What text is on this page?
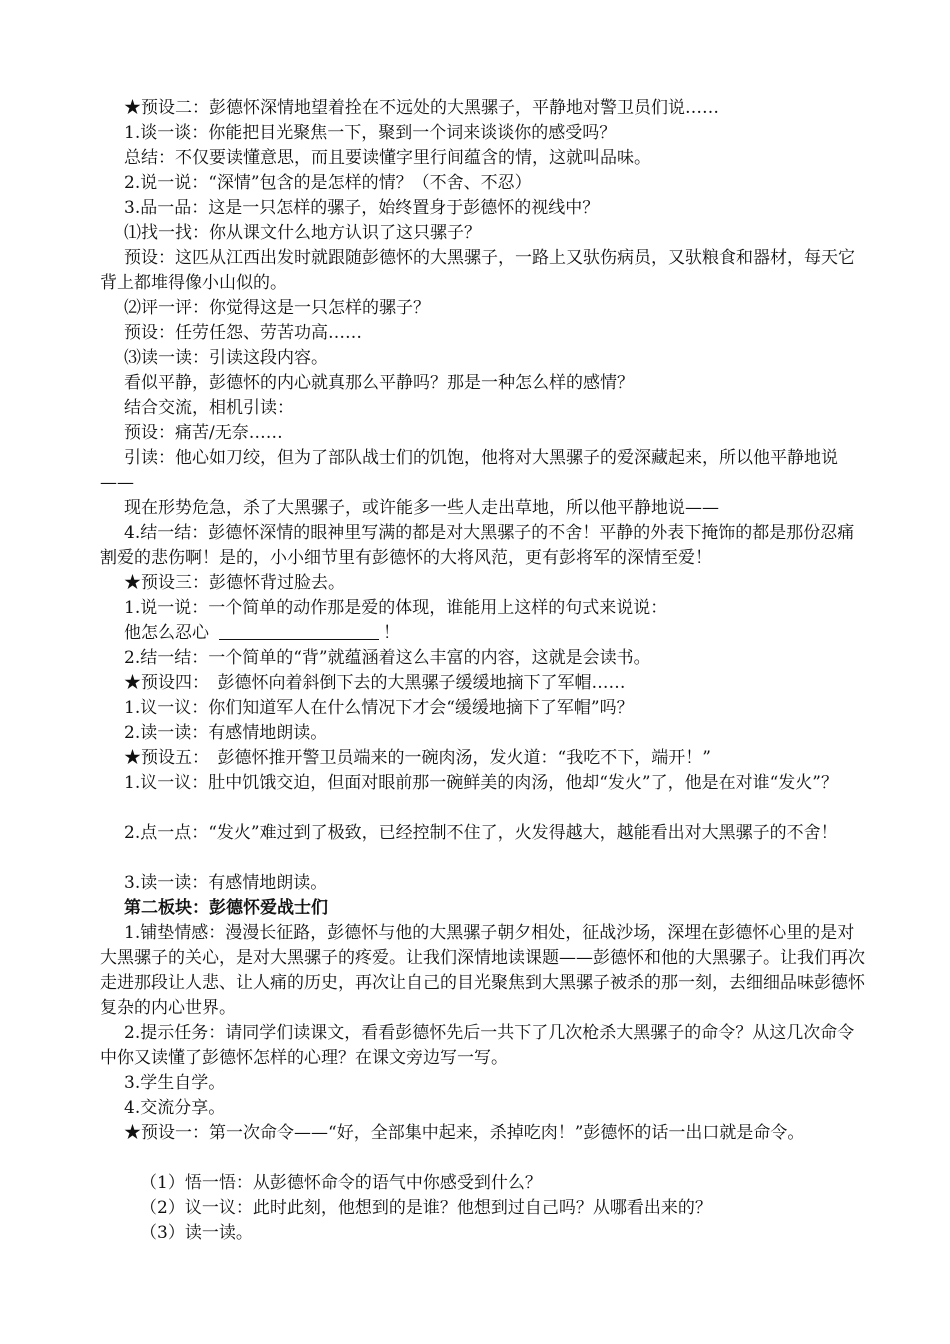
★预设二：彭德怀深情地望着拴在不远处的大黑骡子，平静地对警卫员们说……
1.谈一谈：你能把目光聚焦一下，聚到一个词来谈谈你的感受吗？
总结：不仅要读懂意思，而且要读懂字里行间蕴含的情，这就叫品味。
2.说一说：“深情”包含的是怎样的情？（不舍、不忍）
3.品一品：这是一只怎样的骡子，始终置身于彭德怀的视线中？
⑴找一找：你从课文什么地方认识了这只骡子？
预设：这匹从江西出发时就跟随彭德怀的大黑骡子，一路上又驮伤病员，又驮粮食和器材，每天它背上都堆得像小山似的。
⑵评一评：你觉得这是一只怎样的骡子？
预设：任劳任怨、劳苦功高……
⑶读一读：引读这段内容。
看似平静，彭德怀的内心就真那么平静吗？那是一种怎么样的感情？
结合交流，相机引读：
预设：痛苦/无奈……
引读：他心如刀绞，但为了部队战士们的饥饱，他将对大黑骡子的爱深藏起来，所以他平静地说——
现在形势危急，杀了大黑骡子，或许能多一些人走出草地，所以他平静地说——
4.结一结：彭德怀深情的眼神里写满的都是对大黑骡子的不舍！平静的外表下掩饰的都是那份忍痛割爱的悲伤啊！是的，小小细节里有彭德怀的大将风范，更有彭将军的深情至爱！
★预设三：彭德怀背过脸去。
1.说一说：一个简单的动作那是爱的体现，谁能用上这样的句式来说说：
他怎么忍心	！
2.结一结：一个简单的“背”就蕴涵着这么丰富的内容，这就是会读书。
★预设四：　彭德怀向着斜倒下去的大黑骡子缓缓地摘下了军帽……
1.议一议：你们知道军人在什么情况下才会“缓缓地摘下了军帽”吗？
2.读一读：有感情地朗读。
★预设五：　彭德怀推开警卫员端来的一碗肉汤，发火道：“我吃不下，端开！”
1.议一议：肚中饥饿交迫，但面对眼前那一碗鲜美的肉汤，他却“发火”了，他是在对谁“发火”？
2.点一点：“发火”难过到了极致，已经控制不住了，火发得越大，越能看出对大黑骡子的不舍！
3.读一读：有感情地朗读。
第二板块：彭德怀爱战士们
1.铺垫情感：漫漫长征路，彭德怀与他的大黑骡子朝夕相处，征战沙场，深埋在彭德怀心里的是对大黑骡子的关心，是对大黑骡子的疼爱。让我们深情地读课题——彭德怀和他的大黑骡子。让我们再次走进那段让人悲、让人痛的历史，再次让自己的目光聚焦到大黑骡子被杀的那一刻，去细细品味彭德怀复杂的内心世界。
2.提示任务：请同学们读课文，看看彭德怀先后一共下了几次枪杀大黑骡子的命令？从这几次命令中你又读懂了彭德怀怎样的心理？在课文旁边写一写。
3.学生自学。
4.交流分享。
★预设一：第一次命令——“好，全部集中起来，杀掉吃肉！”彭德怀的话一出口就是命令。
（1）悟一悟：从彭德怀命令的语气中你感受到什么？
（2）议一议：此时此刻，他想到的是谁？他想到过自己吗？从哪看出来的？
（3）读一读。
